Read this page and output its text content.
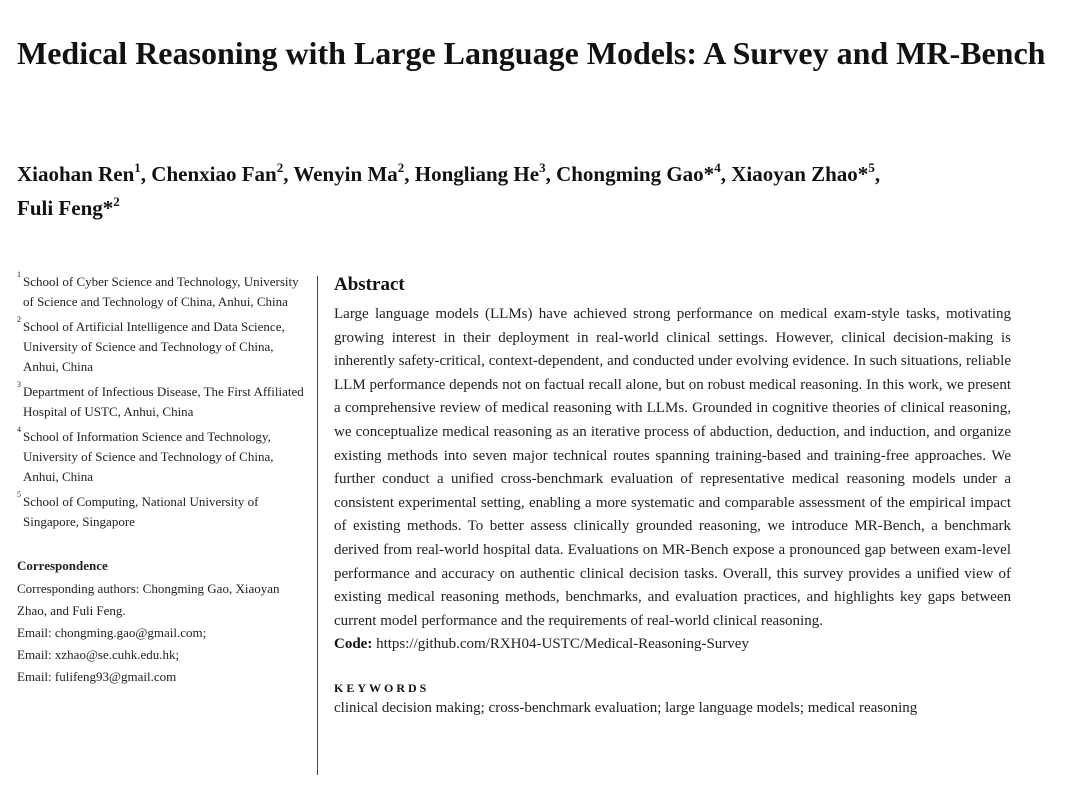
Medical Reasoning with Large Language Models: A Survey and MR-Bench
Xiaohan Ren$^1$, Chenxiao Fan$^2$, Wenyin Ma$^2$, Hongliang He$^3$, Chongming Gao*$^4$, Xiaoyan Zhao*$^5$,
Fuli Feng*$^2$
1 School of Cyber Science and Technology, University of Science and Technology of China, Anhui, China
2 School of Artificial Intelligence and Data Science, University of Science and Technology of China, Anhui, China
3 Department of Infectious Disease, The First Affiliated Hospital of USTC, Anhui, China
4 School of Information Science and Technology, University of Science and Technology of China, Anhui, China
5 School of Computing, National University of Singapore, Singapore
Correspondence
Corresponding authors: Chongming Gao, Xiaoyan Zhao, and Fuli Feng.
Email: chongming.gao@gmail.com;
Email: xzhao@se.cuhk.edu.hk;
Email: fulifeng93@gmail.com
Abstract
Large language models (LLMs) have achieved strong performance on medical exam-style tasks, motivating growing interest in their deployment in real-world clinical settings. However, clinical decision-making is inherently safety-critical, context-dependent, and conducted under evolving evidence. In such situations, reliable LLM performance depends not on factual recall alone, but on robust medical reasoning. In this work, we present a comprehensive review of medical reasoning with LLMs. Grounded in cognitive theories of clinical reasoning, we conceptualize medical reasoning as an iterative process of abduction, deduction, and induction, and organize existing methods into seven major technical routes spanning training-based and training-free approaches. We further conduct a unified cross-benchmark evaluation of representative medical reasoning models under a consistent experimental setting, enabling a more systematic and comparable assessment of the empirical impact of existing methods. To better assess clinically grounded reasoning, we introduce MR-Bench, a benchmark derived from real-world hospital data. Evaluations on MR-Bench expose a pronounced gap between exam-level performance and accuracy on authentic clinical decision tasks. Overall, this survey provides a unified view of existing medical reasoning methods, benchmarks, and evaluation practices, and highlights key gaps between current model performance and the requirements of real-world clinical reasoning.
Code: https://github.com/RXH04-USTC/Medical-Reasoning-Survey
KEYWORDS
clinical decision making; cross-benchmark evaluation; large language models; medical reasoning
